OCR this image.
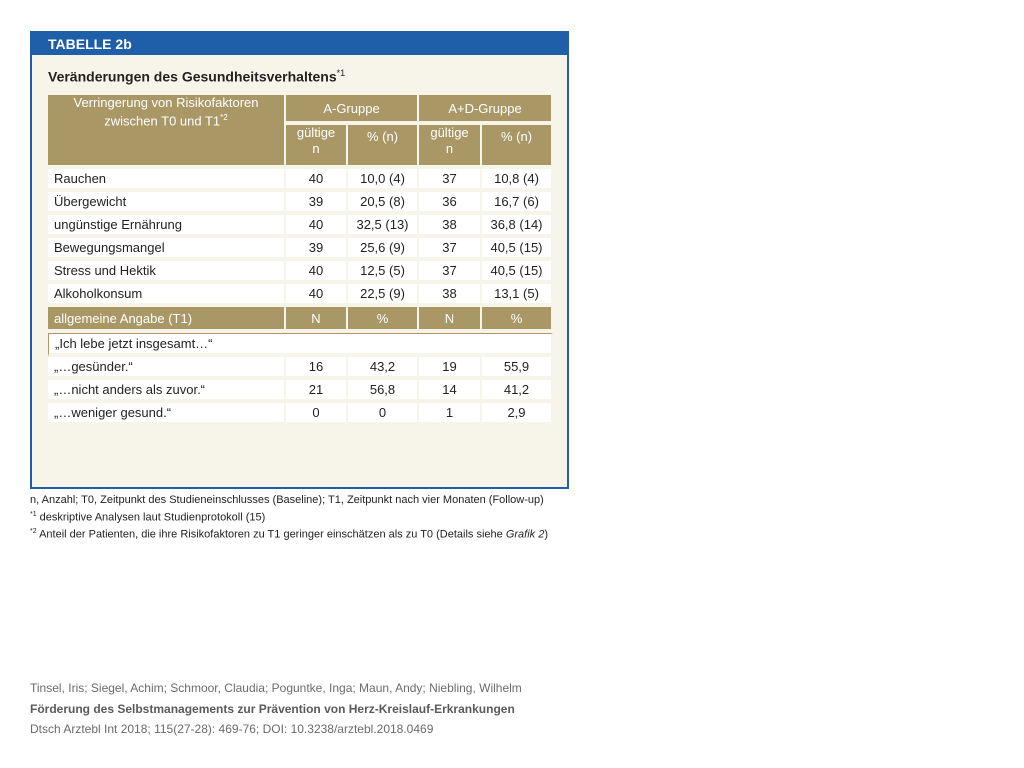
TABELLE 2b
Veränderungen des Gesundheitsverhaltens$^{*1}$
Verringerung von Risikofaktoren
zwischen T0 und T1$^{*2}$	A-Gruppe		A+D-Gruppe	
	gültige n	% (n)	gültige n	% (n)
Rauchen	40	10,0 (4)	37	10,8 (4)
Übergewicht	39	20,5 (8)	36	16,7 (6)
ungünstige Ernährung	40	32,5 (13)	38	36,8 (14)
Bewegungsmangel	39	25,6 (9)	37	40,5 (15)
Stress und Hektik	40	12,5 (5)	37	40,5 (15)
Alkoholkonsum	40	22,5 (9)	38	13,1 (5)
allgemeine Angabe (T1)	N	%	N	%
„Ich lebe jetzt insgesamt…“				
„…gesünder.“	16	43,2	19	55,9
„…nicht anders als zuvor.“	21	56,8	14	41,2
„…weniger gesund.“	0	0	1	2,9
n, Anzahl; T0, Zeitpunkt des Studieneinschlusses (Baseline); T1, Zeitpunkt nach vier Monaten (Follow-up)
$^{*1}$ deskriptive Analysen laut Studienprotokoll (15)
$^{*2}$ Anteil der Patienten, die ihre Risikofaktoren zu T1 geringer einschätzen als zu T0 (Details siehe Grafik 2)
Tinsel, Iris; Siegel, Achim; Schmoor, Claudia; Poguntke, Inga; Maun, Andy; Niebling, Wilhelm
Förderung des Selbstmanagements zur Prävention von Herz-Kreislauf-Erkrankungen
Dtsch Arztebl Int 2018; 115(27-28): 469-76; DOI: 10.3238/arztebl.2018.0469
